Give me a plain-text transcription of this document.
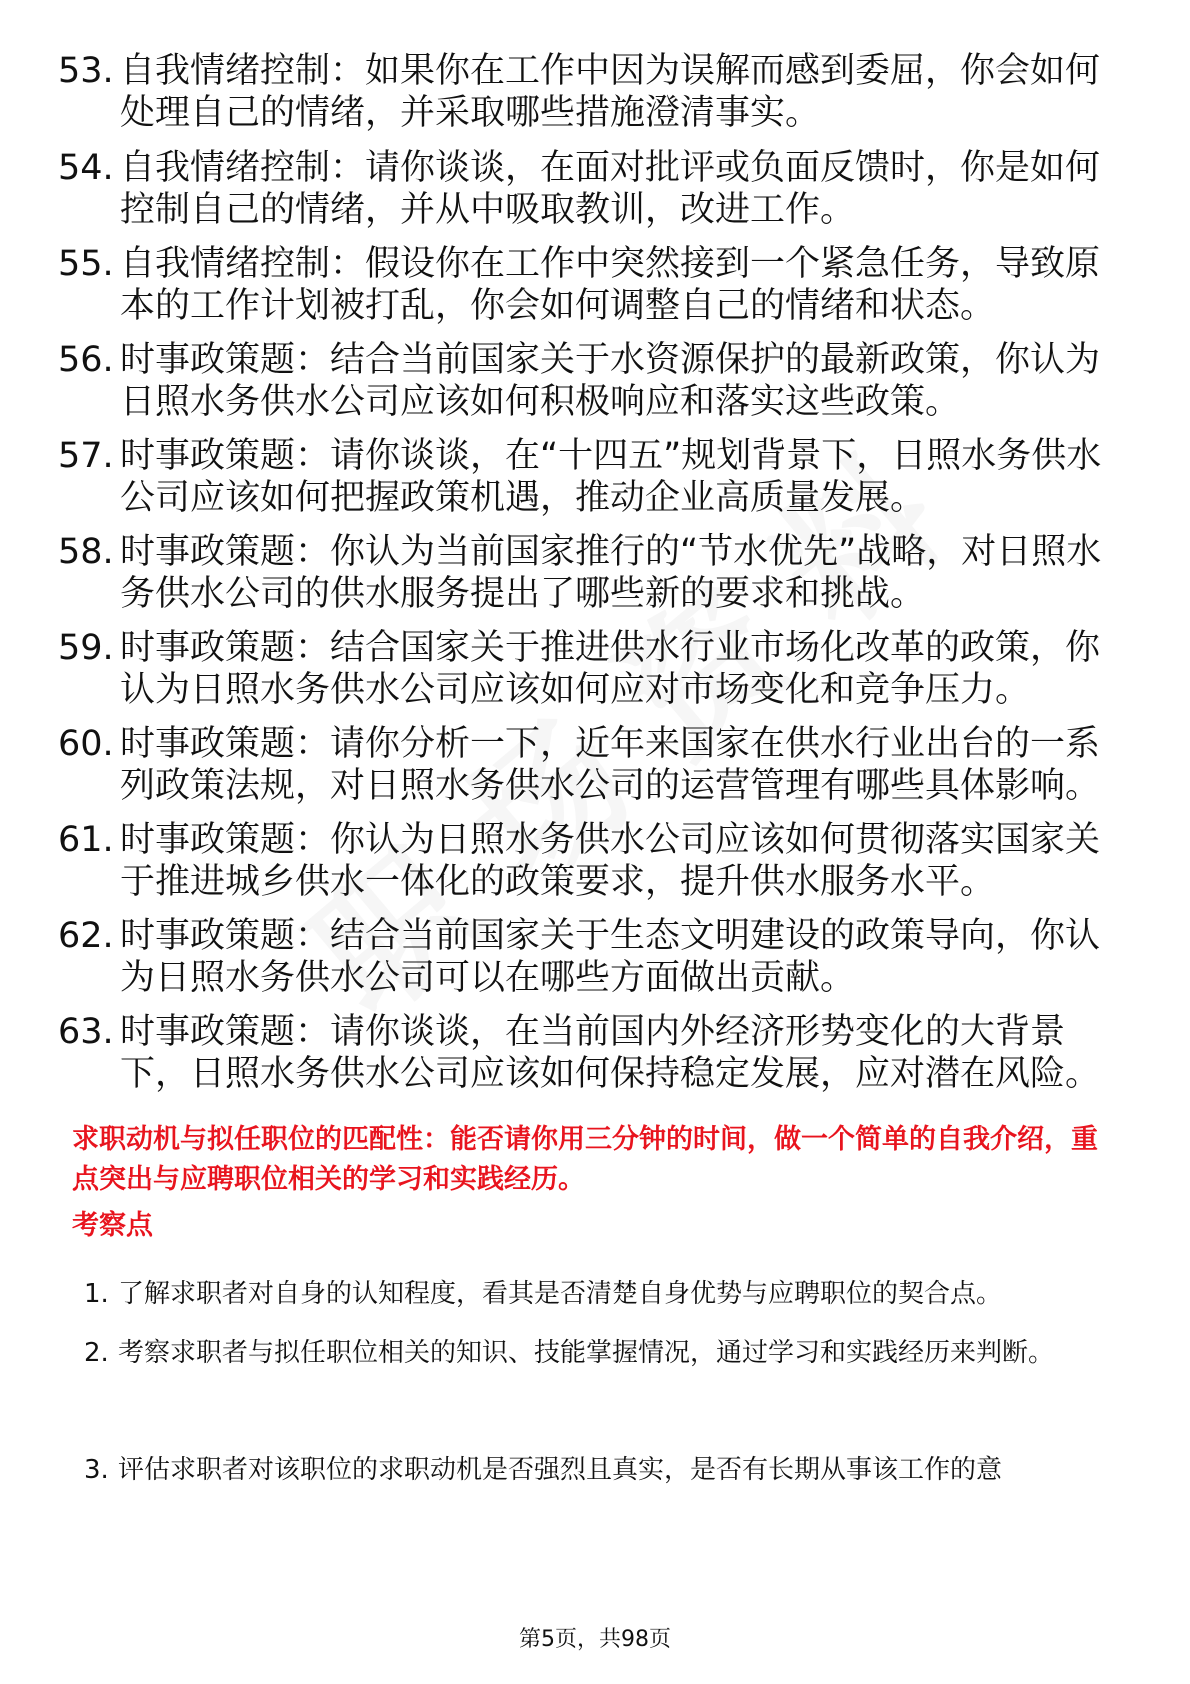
53. 自我情绪控制：如果你在工作中因为误解而感到委屈，你会如何处理自己的情绪，并采取哪些措施澄清事实。
54. 自我情绪控制：请你谈谈，在面对批评或负面反馈时，你是如何控制自己的情绪，并从中吸取教训，改进工作。
55. 自我情绪控制：假设你在工作中突然接到一个紧急任务，导致原本的工作计划被打乱，你会如何调整自己的情绪和状态。
56. 时事政策题：结合当前国家关于水资源保护的最新政策，你认为日照水务供水公司应该如何积极响应和落实这些政策。
57. 时事政策题：请你谈谈，在“十四五”规划背景下，日照水务供水公司应该如何把握政策机遇，推动企业高质量发展。
58. 时事政策题：你认为当前国家推行的“节水优先”战略，对日照水务供水公司的供水服务提出了哪些新的要求和挑战。
59. 时事政策题：结合国家关于推进供水行业市场化改革的政策，你认为日照水务供水公司应该如何应对市场变化和竞争压力。
60. 时事政策题：请你分析一下，近年来国家在供水行业出台的一系列政策法规，对日照水务供水公司的运营管理有哪些具体影响。
61. 时事政策题：你认为日照水务供水公司应该如何贯彻落实国家关于推进城乡供水一体化的政策要求，提升供水服务水平。
62. 时事政策题：结合当前国家关于生态文明建设的政策导向，你认为日照水务供水公司可以在哪些方面做出贡献。
63. 时事政策题：请你谈谈，在当前国内外经济形势变化的大背景下，日照水务供水公司应该如何保持稳定发展，应对潜在风险。
求职动机与拟任职位的匹配性：能否请你用三分钟的时间，做一个简单的自我介绍，重点突出与应聘职位相关的学习和实践经历。
考察点
1. 了解求职者对自身的认知程度，看其是否清楚自身优势与应聘职位的契合点。
2. 考察求职者与拟任职位相关的知识、技能掌握情况，通过学习和实践经历来判断。
3. 评估求职者对该职位的求职动机是否强烈且真实，是否有长期从事该工作的意
第5页，共98页
